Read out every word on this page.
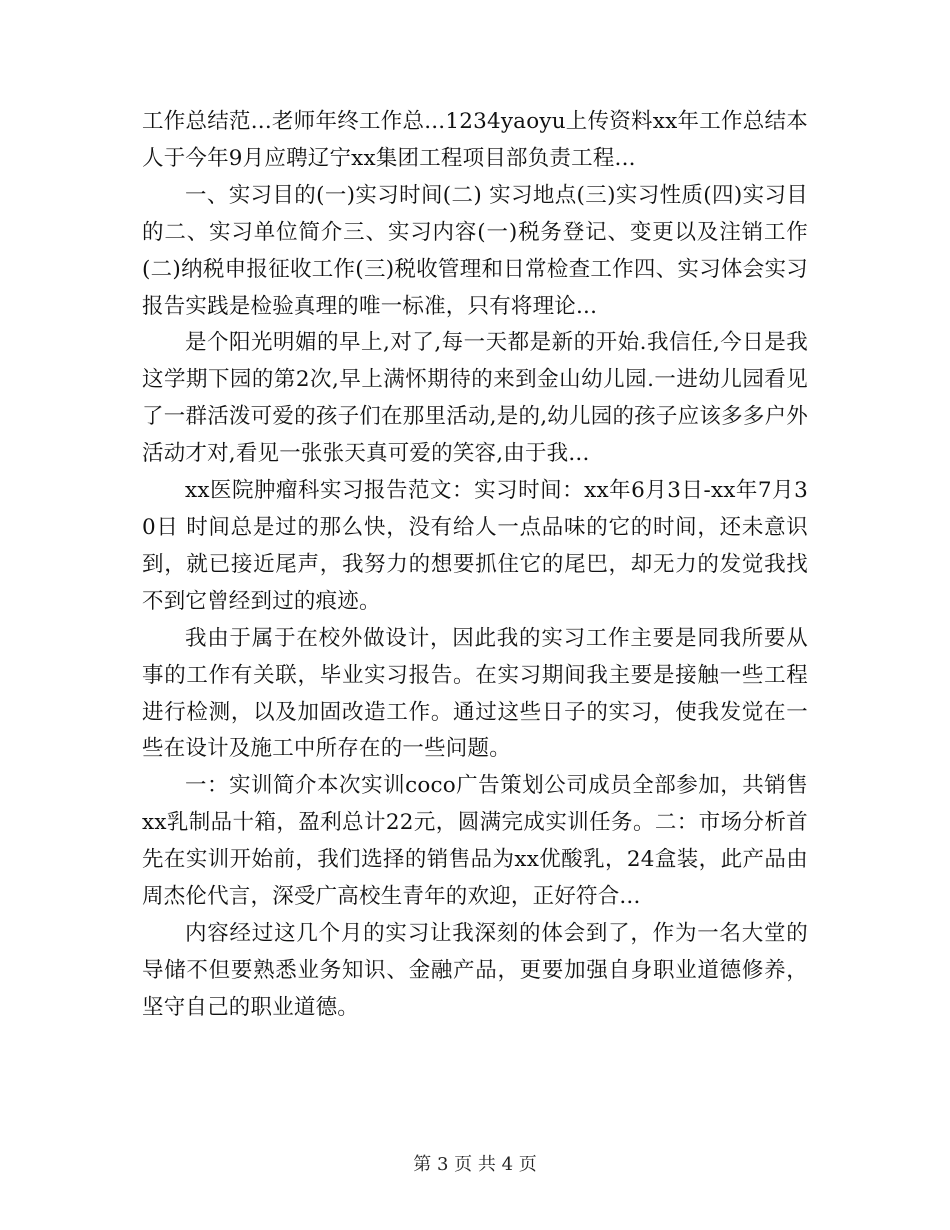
工作总结范...老师年终工作总...1234yaoyu上传资料xx年工作总结本人于今年9月应聘辽宁xx集团工程项目部负责工程...

一、实习目的(一)实习时间(二) 实习地点(三)实习性质(四)实习目的二、实习单位简介三、实习内容(一)税务登记、变更以及注销工作(二)纳税申报征收工作(三)税收管理和日常检查工作四、实习体会实习报告实践是检验真理的唯一标准，只有将理论...

是个阳光明媚的早上,对了,每一天都是新的开始.我信任,今日是我这学期下园的第2次,早上满怀期待的来到金山幼儿园.一进幼儿园看见了一群活泼可爱的孩子们在那里活动,是的,幼儿园的孩子应该多多户外活动才对,看见一张张天真可爱的笑容,由于我...

xx医院肿瘤科实习报告范文：实习时间：xx年6月3日-xx年7月30日 时间总是过的那么快，没有给人一点品味的它的时间，还未意识到，就已接近尾声，我努力的想要抓住它的尾巴，却无力的发觉我找不到它曾经到过的痕迹。

我由于属于在校外做设计，因此我的实习工作主要是同我所要从事的工作有关联，毕业实习报告。在实习期间我主要是接触一些工程进行检测，以及加固改造工作。通过这些日子的实习，使我发觉在一些在设计及施工中所存在的一些问题。

一：实训简介本次实训coco广告策划公司成员全部参加，共销售xx乳制品十箱，盈利总计22元，圆满完成实训任务。二：市场分析首先在实训开始前，我们选择的销售品为xx优酸乳，24盒装，此产品由周杰伦代言，深受广高校生青年的欢迎，正好符合...

内容经过这几个月的实习让我深刻的体会到了，作为一名大堂的导储不但要熟悉业务知识、金融产品，更要加强自身职业道德修养，坚守自己的职业道德。

第 3 页 共 4 页
